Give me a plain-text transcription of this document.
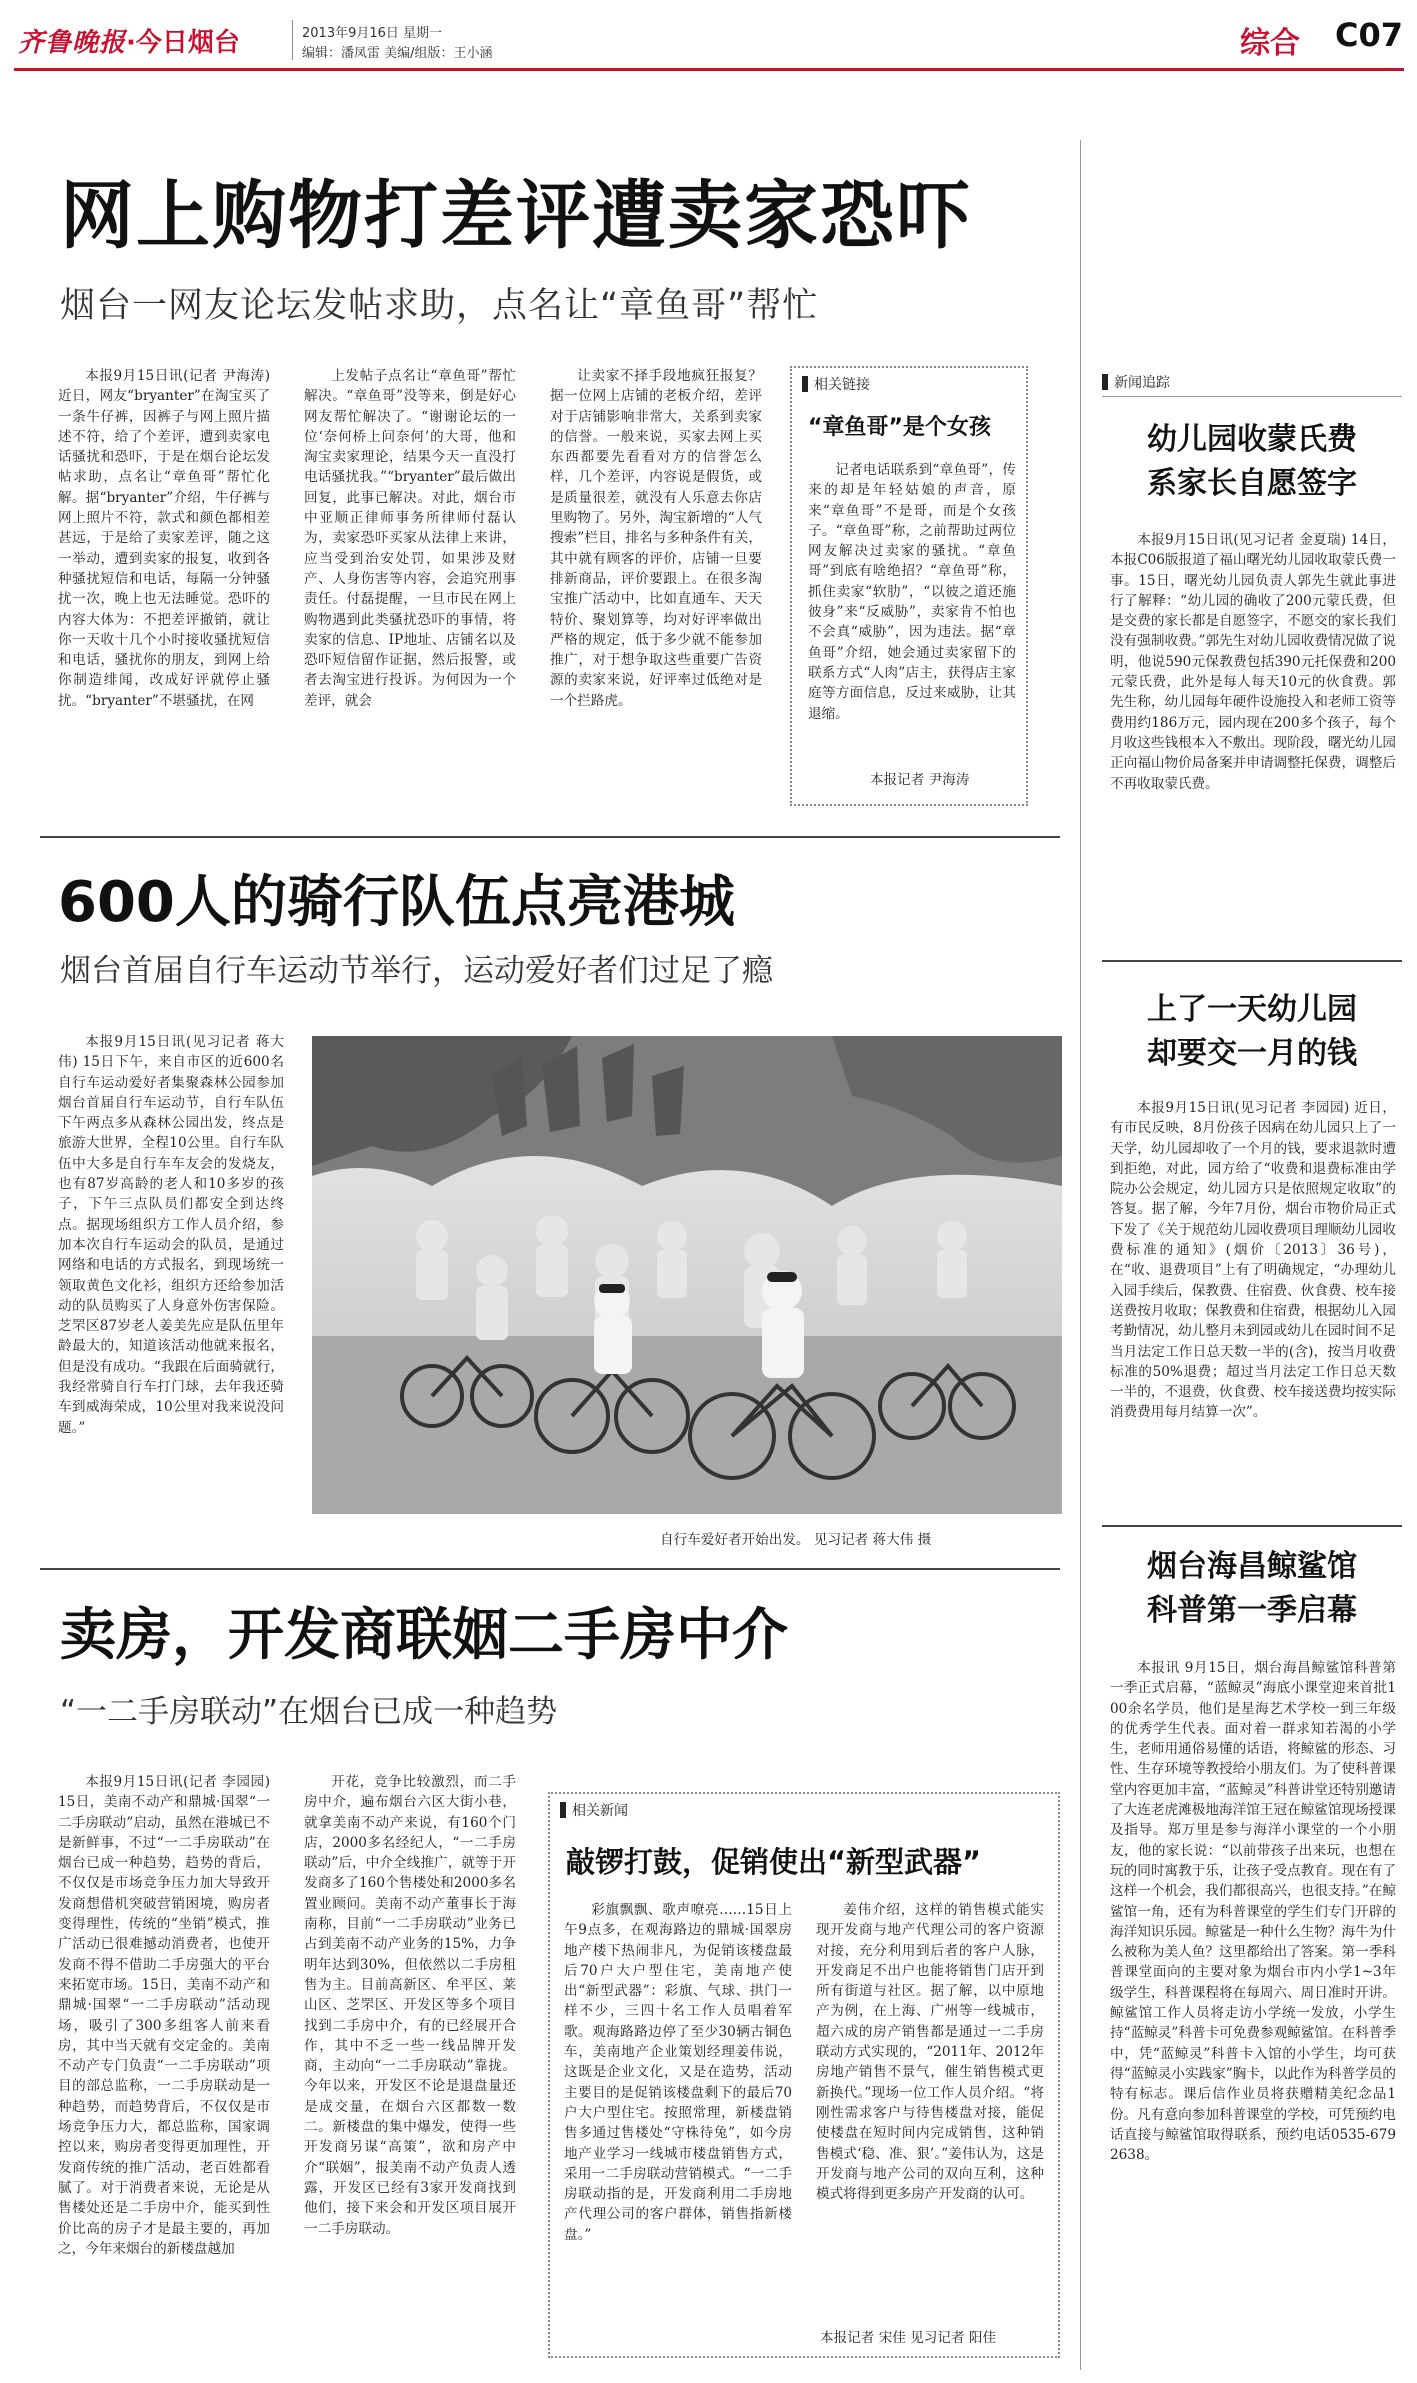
齐鲁晚报 ·今日烟台	2013年9月16日 星期一
编辑：潘凤雷 美编/组版：王小涵	综合 C07
网上购物打差评遭卖家恐吓
烟台一网友论坛发帖求助，点名让“章鱼哥”帮忙
本报9月15日讯(记者 尹海涛) 近日，网友“bryanter”在淘宝买了一条牛仔裤，因裤子与网上照片描述不符，给了个差评，遭到卖家电话骚扰和恐吓，于是在烟台论坛发帖求助，点名让“章鱼哥”帮忙化解。据“bryanter”介绍，牛仔裤与网上照片不符，款式和颜色都相差甚远，于是给了卖家差评，随之这一举动，遭到卖家的报复，收到各种骚扰短信和电话，每隔一分钟骚扰一次，晚上也无法睡觉。恐吓的内容大体为：不把差评撤销，就让你一天收十几个小时接收骚扰短信和电话，骚扰你的朋友，到网上给你制造绯闻，改成好评就停止骚扰。“bryanter”不堪骚扰，在网
上发帖子点名让“章鱼哥”帮忙解决。“章鱼哥”没等来，倒是好心网友帮忙解决了。“谢谢论坛的一位‘奈何桥上问奈何’的大哥，他和淘宝卖家理论，结果今天一直没打电话骚扰我。”“bryanter”最后做出回复，此事已解决。对此，烟台市中亚顺正律师事务所律师付磊认为，卖家恐吓买家从法律上来讲，应当受到治安处罚，如果涉及财产、人身伤害等内容，会追究刑事责任。付磊提醒，一旦市民在网上购物遇到此类骚扰恐吓的事情，将卖家的信息、IP地址、店铺名以及恐吓短信留作证据，然后报警，或者去淘宝进行投诉。为何因为一个差评，就会
让卖家不择手段地疯狂报复？据一位网上店铺的老板介绍，差评对于店铺影响非常大，关系到卖家的信誉。一般来说，买家去网上买东西都要先看看对方的信誉怎么样，几个差评，内容说是假货，或是质量很差，就没有人乐意去你店里购物了。另外，淘宝新增的“人气搜索”栏目，排名与多种条件有关，其中就有顾客的评价，店铺一旦要排新商品，评价要跟上。在很多淘宝推广活动中，比如直通车、天天特价、聚划算等，均对好评率做出严格的规定，低于多少就不能参加推广，对于想争取这些重要广告资源的卖家来说，好评率过低绝对是一个拦路虎。
相关链接
“章鱼哥”是个女孩
记者电话联系到“章鱼哥”，传来的却是年轻姑娘的声音，原来“章鱼哥”不是哥，而是个女孩子。“章鱼哥”称，之前帮助过两位网友解决过卖家的骚扰。“章鱼哥”到底有啥绝招？“章鱼哥”称，抓住卖家“软肋”，“以彼之道还施彼身”来“反威胁”，卖家肯不怕也不会真“威胁”，因为违法。据“章鱼哥”介绍，她会通过卖家留下的联系方式“人肉”店主，获得店主家庭等方面信息，反过来威胁，让其退缩。
本报记者 尹海涛
新闻追踪
幼儿园收蒙氏费
系家长自愿签字
本报9月15日讯(见习记者 金夏瑞) 14日，本报C06版报道了福山曙光幼儿园收取蒙氏费一事。15日，曙光幼儿园负责人郭先生就此事进行了解释：“幼儿园的确收了200元蒙氏费，但是交费的家长都是自愿签字，不愿交的家长我们没有强制收费。”郭先生对幼儿园收费情况做了说明，他说590元保教费包括390元托保费和200元蒙氏费，此外是每人每天10元的伙食费。郭先生称，幼儿园每年硬件设施投入和老师工资等费用约186万元，园内现在200多个孩子，每个月收这些钱根本入不敷出。现阶段，曙光幼儿园正向福山物价局备案并申请调整托保费，调整后不再收取蒙氏费。
上了一天幼儿园
却要交一月的钱
本报9月15日讯(见习记者 李园园) 近日，有市民反映，8月份孩子因病在幼儿园只上了一天学，幼儿园却收了一个月的钱，要求退款时遭到拒绝，对此，园方给了“收费和退费标准由学院办公会规定，幼儿园方只是依照规定收取”的答复。据了解，今年7月份，烟台市物价局正式下发了《关于规范幼儿园收费项目理顺幼儿园收费标准的通知》(烟价〔2013〕36号)，在“收、退费项目”上有了明确规定，“办理幼儿入园手续后，保教费、住宿费、伙食费、校车接送费按月收取；保教费和住宿费，根据幼儿入园考勤情况，幼儿整月未到园或幼儿在园时间不足当月法定工作日总天数一半的(含)，按当月收费标准的50%退费；超过当月法定工作日总天数一半的，不退费，伙食费、校车接送费均按实际消费费用每月结算一次”。
烟台海昌鲸鲨馆
科普第一季启幕
本报讯 9月15日，烟台海昌鲸鲨馆科普第一季正式启幕，“蓝鲸灵”海底小课堂迎来首批100余名学员，他们是星海艺术学校一到三年级的优秀学生代表。面对着一群求知若渴的小学生，老师用通俗易懂的话语，将鲸鲨的形态、习性、生存环境等教授给小朋友们。为了使科普课堂内容更加丰富，“蓝鲸灵”科普讲堂还特别邀请了大连老虎滩极地海洋馆王冠在鲸鲨馆现场授课及指导。郑万里是参与海洋小课堂的一个小朋友，他的家长说：“以前带孩子出来玩，也想在玩的同时寓教于乐，让孩子受点教育。现在有了这样一个机会，我们都很高兴，也很支持。”在鲸鲨馆一角，还有为科普课堂的学生们专门开辟的海洋知识乐园。鲸鲨是一种什么生物？海牛为什么被称为美人鱼？这里都给出了答案。第一季科普课堂面向的主要对象为烟台市内小学1~3年级学生，科普课程将在每周六、周日准时开讲。鲸鲨馆工作人员将走访小学统一发放，小学生持“蓝鲸灵”科普卡可免费参观鲸鲨馆。在科普季中，凭“蓝鲸灵”科普卡入馆的小学生，均可获得“蓝鲸灵小实践家”胸卡，以此作为科普学员的特有标志。课后信作业员将获赠精美纪念品1份。凡有意向参加科普课堂的学校，可凭预约电话直接与鲸鲨馆取得联系，预约电话0535-6792638。
600人的骑行队伍点亮港城
烟台首届自行车运动节举行，运动爱好者们过足了瘾
本报9月15日讯(见习记者 蒋大伟) 15日下午，来自市区的近600名自行车运动爱好者集聚森林公园参加烟台首届自行车运动节，自行车队伍下午两点多从森林公园出发，终点是旅游大世界，全程10公里。自行车队伍中大多是自行车车友会的发烧友，也有87岁高龄的老人和10多岁的孩子，下午三点队员们都安全到达终点。据现场组织方工作人员介绍，参加本次自行车运动会的队员，是通过网络和电话的方式报名，到现场统一领取黄色文化衫，组织方还给参加活动的队员购买了人身意外伤害保险。芝罘区87岁老人姜美先应是队伍里年龄最大的，知道该活动他就来报名，但是没有成功。“我跟在后面骑就行，我经常骑自行车打门球，去年我还骑车到威海荣成，10公里对我来说没问题。”
自行车爱好者开始出发。 见习记者 蒋大伟 摄
卖房，开发商联姻二手房中介
“一二手房联动”在烟台已成一种趋势
本报9月15日讯(记者 李园园) 15日，美南不动产和鼎城·国翠“一二手房联动”启动，虽然在港城已不是新鲜事，不过“一二手房联动”在烟台已成一种趋势，趋势的背后，不仅仅是市场竞争压力加大导致开发商想借机突破营销困境，购房者变得理性，传统的“坐销”模式，推广活动已很难撼动消费者，也使开发商不得不借助二手房强大的平台来拓宽市场。15日，美南不动产和鼎城·国翠“一二手房联动”活动现场，吸引了300多组客人前来看房，其中当天就有交定金的。美南不动产专门负责“一二手房联动”项目的部总监称，一二手房联动是一种趋势，而趋势背后，不仅仅是市场竞争压力大，都总监称，国家调控以来，购房者变得更加理性，开发商传统的推广活动，老百姓都看腻了。对于消费者来说，无论是从售楼处还是二手房中介，能买到性价比高的房子才是最主要的，再加之，今年来烟台的新楼盘越加
开花，竞争比较激烈，而二手房中介，遍布烟台六区大街小巷，就拿美南不动产来说，有160个门店，2000多名经纪人，“一二手房联动”后，中介全线推广，就等于开发商多了160个售楼处和2000多名置业顾问。美南不动产董事长于海南称，目前“一二手房联动”业务已占到美南不动产业务的15%，力争明年达到30%，但依然以二手房租售为主。目前高新区、牟平区、莱山区、芝罘区、开发区等多个项目找到二手房中介，有的已经展开合作，其中不乏一些一线品牌开发商，主动向“一二手房联动”靠拢。今年以来，开发区不论是退盘量还是成交量，在烟台六区都数一数二。新楼盘的集中爆发，使得一些开发商另谋“高策”，欲和房产中介“联姻”，报美南不动产负责人透露，开发区已经有3家开发商找到他们，接下来会和开发区项目展开一二手房联动。
相关新闻
敲锣打鼓，促销使出“新型武器”
彩旗飘飘、歌声嘹亮……15日上午9点多，在观海路边的鼎城·国翠房地产楼下热闹非凡，为促销该楼盘最后70户大户型住宅，美南地产使出“新型武器”：彩旗、气球、拱门一样不少，三四十名工作人员唱着军歌。观海路路边停了至少30辆古铜色车，美南地产企业策划经理姜伟说，这既是企业文化，又是在造势，活动主要目的是促销该楼盘剩下的最后70户大户型住宅。按照常理，新楼盘销售多通过售楼处“守株待兔”，如今房地产业学习一线城市楼盘销售方式，采用一二手房联动营销模式。“一二手房联动指的是，开发商利用二手房地产代理公司的客户群体，销售指新楼盘。”
姜伟介绍，这样的销售模式能实现开发商与地产代理公司的客户资源对接，充分利用到后者的客户人脉，开发商足不出户也能将销售门店开到所有街道与社区。据了解，以中原地产为例，在上海、广州等一线城市，超六成的房产销售都是通过一二手房联动方式实现的，“2011年、2012年房地产销售不景气，催生销售模式更新换代。”现场一位工作人员介绍。“将刚性需求客户与待售楼盘对接，能促使楼盘在短时间内完成销售，这种销售模式‘稳、准、狠’。”姜伟认为，这是开发商与地产公司的双向互利，这种模式将得到更多房产开发商的认可。
本报记者 宋佳 见习记者 阳佳
